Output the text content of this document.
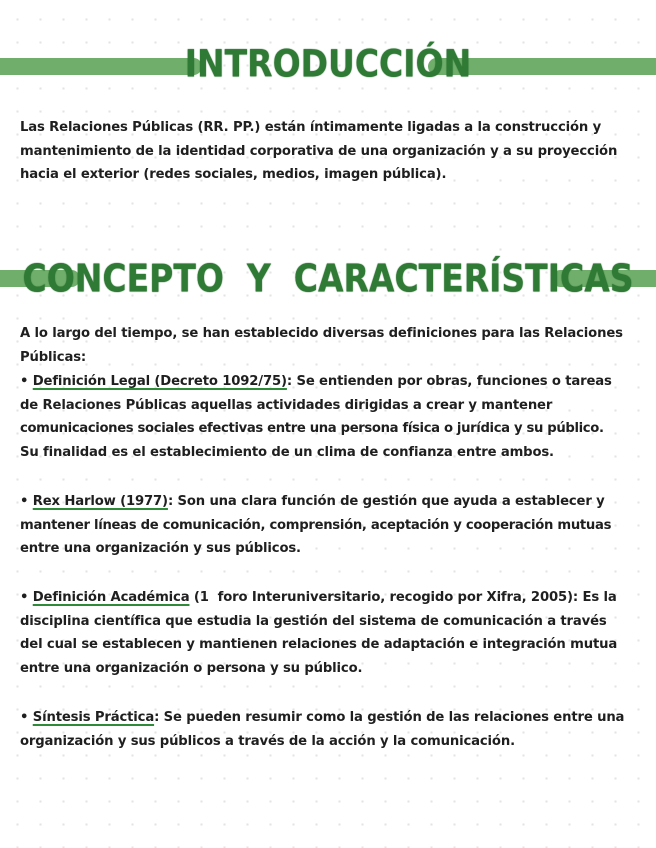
INTRODUCCIÓN
Las Relaciones Públicas (RR. PP.) están íntimamente ligadas a la construcción y
mantenimiento de la identidad corporativa de una organización y a su proyección
hacia el exterior (redes sociales, medios, imagen pública).
CONCEPTO  Y  CARACTERÍSTICAS
A lo largo del tiempo, se han establecido diversas definiciones para las Relaciones
Públicas:
• Definición Legal (Decreto 1092/75): Se entienden por obras, funciones o tareas
de Relaciones Públicas aquellas actividades dirigidas a crear y mantener
comunicaciones sociales efectivas entre una persona física o jurídica y su público.
Su finalidad es el establecimiento de un clima de confianza entre ambos.
• Rex Harlow (1977): Son una clara función de gestión que ayuda a establecer y
mantener líneas de comunicación, comprensión, aceptación y cooperación mutuas
entre una organización y sus públicos.
• Definición Académica (1  foro Interuniversitario, recogido por Xifra, 2005): Es la
disciplina científica que estudia la gestión del sistema de comunicación a través
del cual se establecen y mantienen relaciones de adaptación e integración mutua
entre una organización o persona y su público.
• Síntesis Práctica: Se pueden resumir como la gestión de las relaciones entre una
organización y sus públicos a través de la acción y la comunicación.
